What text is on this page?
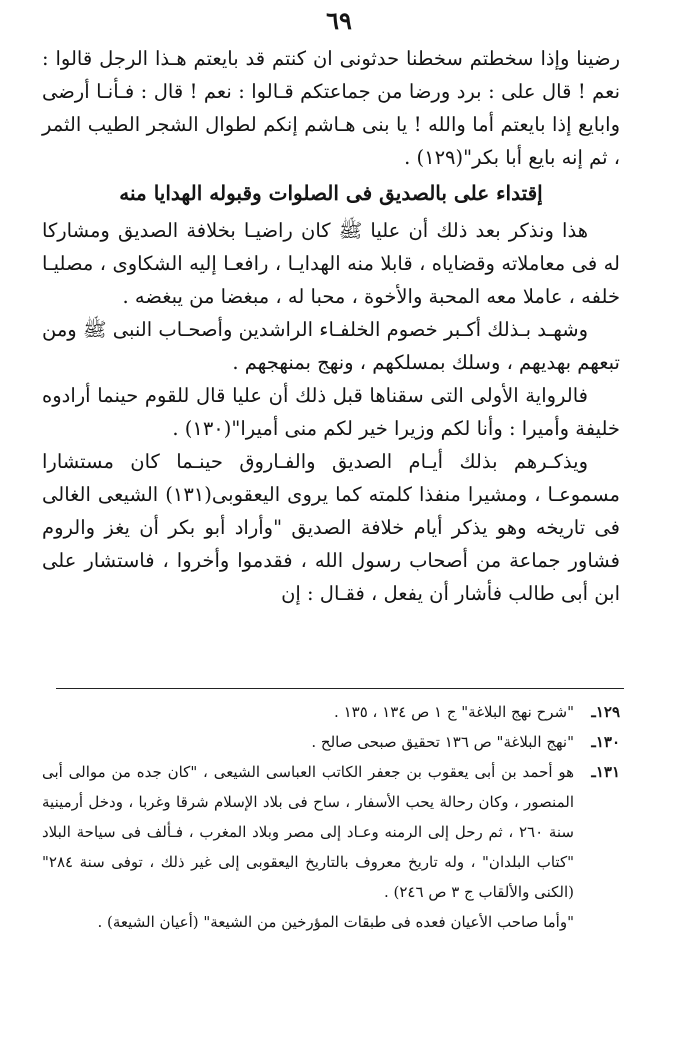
٦٩

رضينا وإذا سخطتم سخطنا حدثونى ان كنتم قد بايعتم هـذا الرجل قالوا : نعم ! قال على : برد ورضا من جماعتكم قـالوا : نعم ! قال : فـأنـا أرضى وابايع إذا بايعتم أما والله ! يا بنى هـاشم إنكم لطوال الشجر الطيب الثمر ، ثم إنه بايع أبا بكر"(١٢٩) .

إقتداء على بالصديق فى الصلوات وقبوله الهدايا منه

هذا ونذكر بعد ذلك أن عليا ﷺ كان راضيـا بخلافة الصديق ومشاركا له فى معاملاته وقضاياه ، قابلا منه الهدايـا ، رافعـا إليه الشكاوى ، مصليـا خلفه ، عاملا معه المحبة والأخوة ، محبا له ، مبغضا من يبغضه .

وشهـد بـذلك أكـبر خصوم الخلفـاء الراشدين وأصحـاب النبى ﷺ ومن تبعهم بهديهم ، وسلك بمسلكهم ، ونهج بمنهجهم .

فالرواية الأولى التى سقناها قبل ذلك أن عليا قال للقوم حينما أرادوه خليفة وأميرا : وأنا لكم وزيرا خير لكم منى أميرا"(١٣٠) .

ويذكـرهم بذلك أيـام الصديق والفـاروق حينـما كان مستشارا مسموعـا ، ومشيرا منفذا كلمته كما يروى اليعقوبى(١٣١) الشيعى الغالى فى تاريخه وهو يذكر أيام خلافة الصديق "وأراد أبو بكر أن يغز والروم فشاور جماعة من أصحاب رسول الله ، فقدموا وأخروا ، فاستشار على ابن أبى طالب فأشار أن يفعل ، فقـال : إن

١٢٩ـ
"شرح نهج البلاغة" ج ١ ص ١٣٤ ، ١٣٥ .
١٣٠ـ
"نهج البلاغة" ص ١٣٦ تحقيق صبحى صالح .
١٣١ـ
هو أحمد بن أبى يعقوب بن جعفر الكاتب العباسى الشيعى ، "كان جده من موالى أبى المنصور ، وكان رحالة يحب الأسفار ، ساح فى بلاد الإسلام شرقا وغربا ، ودخل أرمينية سنة ٢٦٠ ، ثم رحل إلى الرمنه وعـاد إلى مصر وبلاد المغرب ، فـألف فى سياحة البلاد "كتاب البلدان" ، وله تاريخ معروف بالتاريخ اليعقوبى إلى غير ذلك ، توفى سنة ٢٨٤" (الكنى والألقاب ج ٣ ص ٢٤٦) .
"وأما صاحب الأعيان فعده فى طبقات المؤرخين من الشيعة" (أعيان الشيعة) .
